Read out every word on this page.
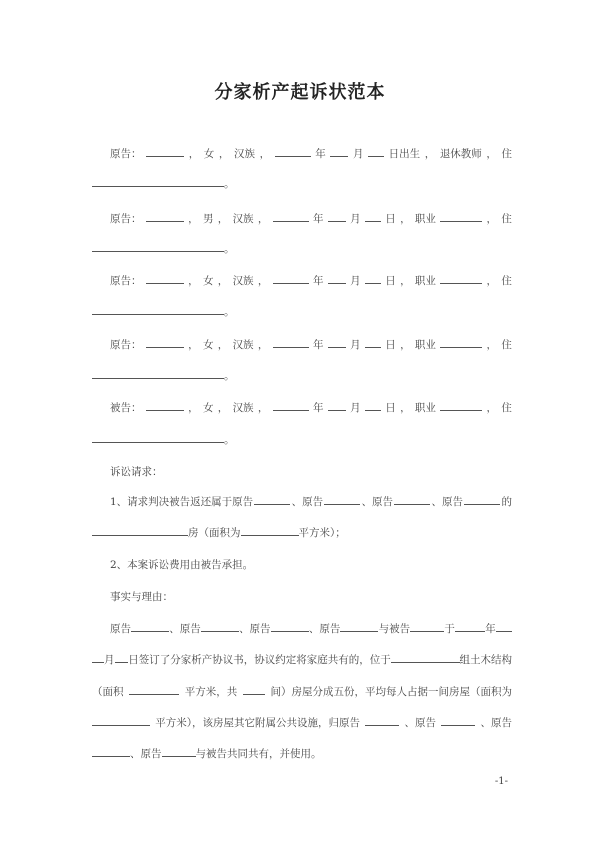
分家析产起诉状范本
原告：	， 女 ， 汉族 ，	年	月 日出生 ， 退休教师 ， 住
。
原告：	， 男 ， 汉族 ，	年	月 日 ， 职业	， 住
。
原告：	， 女 ， 汉族 ，	年	月 日 ， 职业	， 住
。
原告：	， 女 ， 汉族 ，	年	月 日 ， 职业	， 住
。
被告：	， 女 ， 汉族 ，	年	月 日 ， 职业	， 住
。
诉讼请求：
1、请求判决被告返还属于原告	、原告	、原告	、原告	的
房（面积为	平方米）；
2、本案诉讼费用由被告承担。
事实与理由：
原告	、原告	、原告	、原告	与被告	于	年
月 日签订了分家析产协议书，协议约定将家庭共有的，位于	组土木结构
（面积	平方米，共	间）房屋分成五份，平均每人占据一间房屋（面积为
平方米），该房屋其它附属公共设施，归原告	、原告	、原告
、原告	与被告共同共有，并使用。
-1-
